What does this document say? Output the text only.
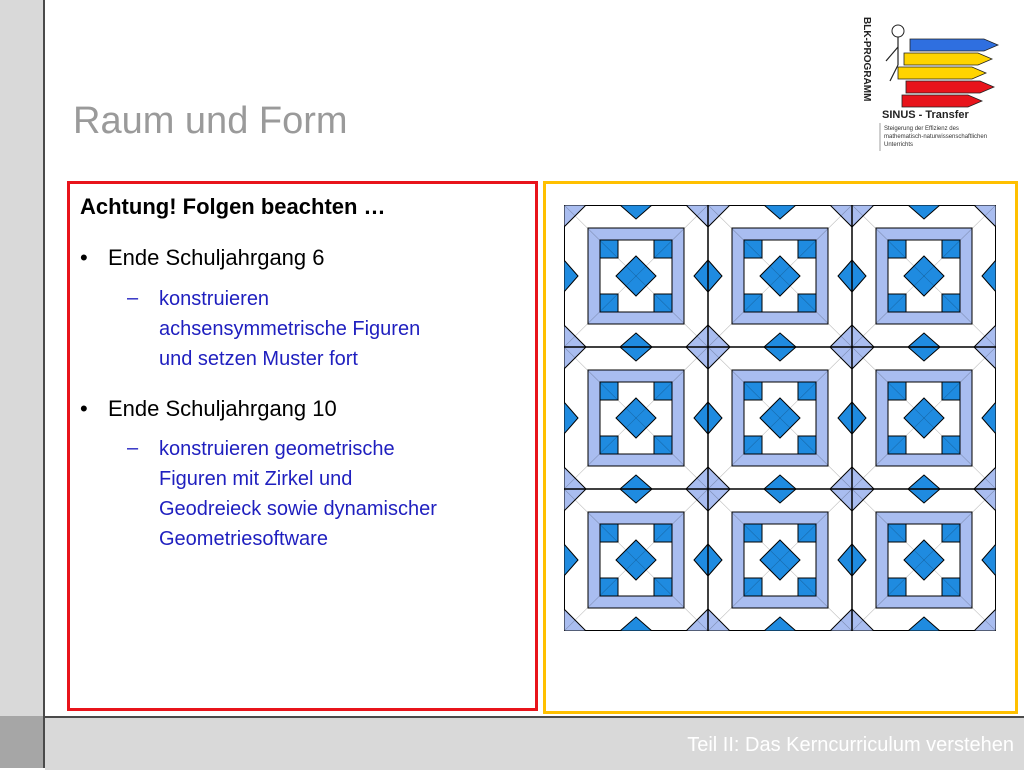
Teil II: Das Kerncurriculum verstehen
Raum und Form
BLK-PROGRAMM
SINUS - Transfer
Steigerung der Effizienz des
mathematisch-naturwissenschaftlichen
Unterrichts
Achtung! Folgen beachten …
• Ende Schuljahrgang 6
– konstruieren
achsensymmetrische Figuren
und setzen Muster fort
• Ende Schuljahrgang 10
– konstruieren geometrische
Figuren mit Zirkel und
Geodreieck sowie dynamischer
Geometriesoftware
